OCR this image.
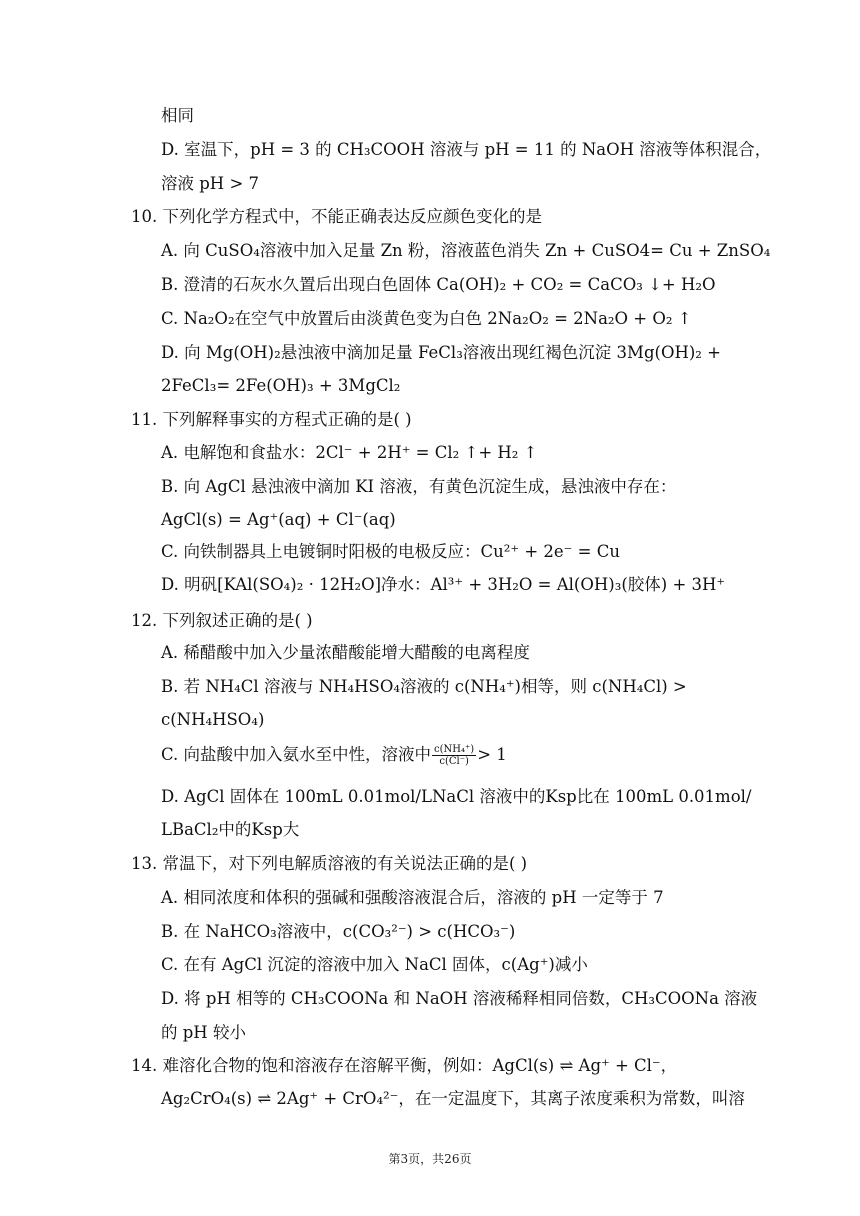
相同
D. 室温下，pH = 3 的 CH₃COOH 溶液与 pH = 11 的 NaOH 溶液等体积混合，
溶液 pH > 7
10. 下列化学方程式中，不能正确表达反应颜色变化的是
A. 向 CuSO₄溶液中加入足量 Zn 粉，溶液蓝色消失 Zn + CuSO4= Cu + ZnSO₄
B. 澄清的石灰水久置后出现白色固体 Ca(OH)₂ + CO₂ = CaCO₃ ↓+ H₂O
C. Na₂O₂在空气中放置后由淡黄色变为白色 2Na₂O₂ = 2Na₂O + O₂ ↑
D. 向 Mg(OH)₂悬浊液中滴加足量 FeCl₃溶液出现红褐色沉淀 3Mg(OH)₂ +
2FeCl₃= 2Fe(OH)₃ + 3MgCl₂
11. 下列解释事实的方程式正确的是( )
A. 电解饱和食盐水：2Cl⁻ + 2H⁺ = Cl₂ ↑+ H₂ ↑
B. 向 AgCl 悬浊液中滴加 KI 溶液，有黄色沉淀生成，悬浊液中存在：
AgCl(s) = Ag⁺(aq) + Cl⁻(aq)
C. 向铁制器具上电镀铜时阳极的电极反应：Cu²⁺ + 2e⁻ = Cu
D. 明矾[KAl(SO₄)₂ · 12H₂O]净水：Al³⁺ + 3H₂O = Al(OH)₃(胶体) + 3H⁺
12. 下列叙述正确的是( )
A. 稀醋酸中加入少量浓醋酸能增大醋酸的电离程度
B. 若 NH₄Cl 溶液与 NH₄HSO₄溶液的 c(NH₄⁺)相等，则 c(NH₄Cl) >
c(NH₄HSO₄)
C. 向盐酸中加入氨水至中性，溶液中 $\frac{\text{c(NH₄⁺)}}{c(Cl^-)} > 1$
D. AgCl 固体在 100mL 0.01mol/LNaCl 溶液中的Ksp比在 100mL 0.01mol/
LBaCl₂中的Ksp大
13. 常温下，对下列电解质溶液的有关说法正确的是( )
A. 相同浓度和体积的强碱和强酸溶液混合后，溶液的 pH 一定等于 7
B. 在 NaHCO₃溶液中，c(CO₃²⁻) > c(HCO₃⁻)
C. 在有 AgCl 沉淀的溶液中加入 NaCl 固体，c(Ag⁺)减小
D. 将 pH 相等的 CH₃COONa 和 NaOH 溶液稀释相同倍数，CH₃COONa 溶液
的 pH 较小
14. 难溶化合物的饱和溶液存在溶解平衡，例如：AgCl(s) ⇌ Ag⁺ + Cl⁻，
Ag₂CrO₄(s) ⇌ 2Ag⁺ + CrO₄²⁻，在一定温度下，其离子浓度乘积为常数，叫溶
第3页，共26页
